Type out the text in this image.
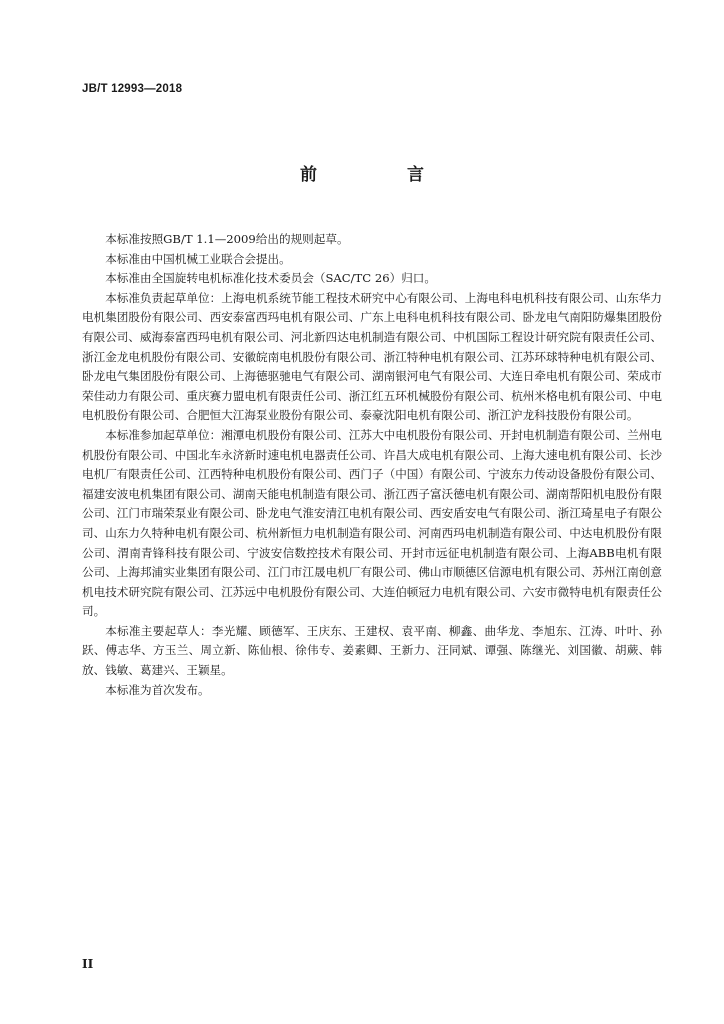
JB/T 12993—2018
前 言

本标准按照GB/T 1.1—2009给出的规则起草。

本标准由中国机械工业联合会提出。

本标准由全国旋转电机标准化技术委员会（SAC/TC 26）归口。

本标准负责起草单位：上海电机系统节能工程技术研究中心有限公司、上海电科电机科技有限公司、山东华力电机集团股份有限公司、西安泰富西玛电机有限公司、广东上电科电机科技有限公司、卧龙电气南阳防爆集团股份有限公司、威海泰富西玛电机有限公司、河北新四达电机制造有限公司、中机国际工程设计研究院有限责任公司、浙江金龙电机股份有限公司、安徽皖南电机股份有限公司、浙江特种电机有限公司、江苏环球特种电机有限公司、卧龙电气集团股份有限公司、上海德驱驰电气有限公司、湖南银河电气有限公司、大连日牵电机有限公司、荣成市荣佳动力有限公司、重庆赛力盟电机有限责任公司、浙江红五环机械股份有限公司、杭州米格电机有限公司、中电电机股份有限公司、合肥恒大江海泵业股份有限公司、泰豪沈阳电机有限公司、浙江沪龙科技股份有限公司。

本标准参加起草单位：湘潭电机股份有限公司、江苏大中电机股份有限公司、开封电机制造有限公司、兰州电机股份有限公司、中国北车永济新时速电机电器责任公司、许昌大成电机有限公司、上海大速电机有限公司、长沙电机厂有限责任公司、江西特种电机股份有限公司、西门子（中国）有限公司、宁波东力传动设备股份有限公司、福建安波电机集团有限公司、湖南天能电机制造有限公司、浙江西子富沃德电机有限公司、湖南帮阳机电股份有限公司、江门市瑞荣泵业有限公司、卧龙电气淮安清江电机有限公司、西安盾安电气有限公司、浙江琦星电子有限公司、山东力久特种电机有限公司、杭州新恒力电机制造有限公司、河南西玛电机制造有限公司、中达电机股份有限公司、渭南青锋科技有限公司、宁波安信数控技术有限公司、开封市远征电机制造有限公司、上海ABB电机有限公司、上海邦浦实业集团有限公司、江门市江晟电机厂有限公司、佛山市顺德区信源电机有限公司、苏州江南创意机电技术研究院有限公司、江苏远中电机股份有限公司、大连伯顿冠力电机有限公司、六安市微特电机有限责任公司。

本标准主要起草人：李光耀、顾德军、王庆东、王建权、袁平南、柳鑫、曲华龙、李旭东、江涛、叶叶、孙跃、傅志华、方玉兰、周立新、陈仙根、徐伟专、姜素卿、王新力、汪同斌、谭强、陈继光、刘国徽、胡蕨、韩放、钱敏、葛建兴、王颖星。

本标准为首次发布。

II
